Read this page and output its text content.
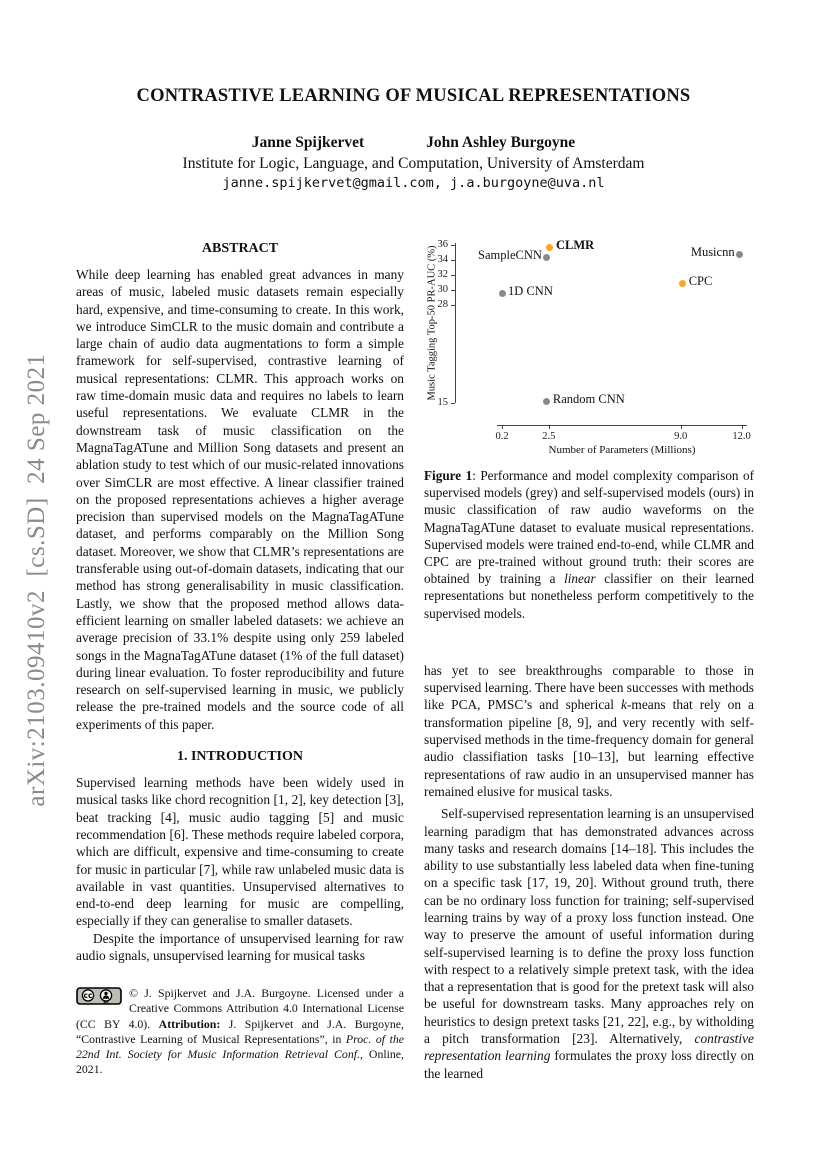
arXiv:2103.09410v2  [cs.SD]  24 Sep 2021
CONTRASTIVE LEARNING OF MUSICAL REPRESENTATIONS
Janne Spijkervet	John Ashley Burgoyne
Institute for Logic, Language, and Computation, University of Amsterdam
janne.spijkervet@gmail.com, j.a.burgoyne@uva.nl
ABSTRACT

While deep learning has enabled great advances in many areas of music, labeled music datasets remain especially hard, expensive, and time-consuming to create. In this work, we introduce SimCLR to the music domain and contribute a large chain of audio data augmentations to form a simple framework for self-supervised, contrastive learning of musical representations: CLMR. This approach works on raw time-domain music data and requires no labels to learn useful representations. We evaluate CLMR in the downstream task of music classification on the MagnaTagATune and Million Song datasets and present an ablation study to test which of our music-related innovations over SimCLR are most effective. A linear classifier trained on the proposed representations achieves a higher average precision than supervised models on the MagnaTagATune dataset, and performs comparably on the Million Song dataset. Moreover, we show that CLMR’s representations are transferable using out-of-domain datasets, indicating that our method has strong generalisability in music classification. Lastly, we show that the proposed method allows data-efficient learning on smaller labeled datasets: we achieve an average precision of 33.1% despite using only 259 labeled songs in the MagnaTagATune dataset (1% of the full dataset) during linear evaluation. To foster reproducibility and future research on self-supervised learning in music, we publicly release the pre-trained models and the source code of all experiments of this paper.

1. INTRODUCTION

Supervised learning methods have been widely used in musical tasks like chord recognition [1, 2], key detection [3], beat tracking [4], music audio tagging [5] and music recommendation [6]. These methods require labeled corpora, which are difficult, expensive and time-consuming to create for music in particular [7], while raw unlabeled music data is available in vast quantities. Unsupervised alternatives to end-to-end deep learning for music are compelling, especially if they can generalise to smaller datasets.

Despite the importance of unsupervised learning for raw audio signals, unsupervised learning for musical tasks

36
34
32
30
28
15
0.2	2.5	9.0	12.0
Number of Parameters (Millions)
Music Tagging Top-50 PR-AUC (%)
CLMR
SampleCNN
1D CNN
Musicnn
CPC
Random CNN

Figure 1: Performance and model complexity comparison of supervised models (grey) and self-supervised models (ours) in music classification of raw audio waveforms on the MagnaTagATune dataset to evaluate musical representations. Supervised models were trained end-to-end, while CLMR and CPC are pre-trained without ground truth: their scores are obtained by training a linear classifier on their learned representations but nonetheless perform competitively to the supervised models.

has yet to see breakthroughs comparable to those in supervised learning. There have been successes with methods like PCA, PMSC’s and spherical k-means that rely on a transformation pipeline [8, 9], and very recently with self-supervised methods in the time-frequency domain for general audio classifiation tasks [10–13], but learning effective representations of raw audio in an unsupervised manner has remained elusive for musical tasks.

Self-supervised representation learning is an unsupervised learning paradigm that has demonstrated advances across many tasks and research domains [14–18]. This includes the ability to use substantially less labeled data when fine-tuning on a specific task [17, 19, 20]. Without ground truth, there can be no ordinary loss function for training; self-supervised learning trains by way of a proxy loss function instead. One way to preserve the amount of useful information during self-supervised learning is to define the proxy loss function with respect to a relatively simple pretext task, with the idea that a representation that is good for the pretext task will also be useful for downstream tasks. Many approaches rely on heuristics to design pretext tasks [21, 22], e.g., by witholding a pitch transformation [23]. Alternatively, contrastive representation learning formulates the proxy loss directly on the learned

cc
BY
© J. Spijkervet and J.A. Burgoyne. Licensed under a Creative Commons Attribution 4.0 International License (CC BY 4.0). Attribution: J. Spijkervet and J.A. Burgoyne, “Contrastive Learning of Musical Representations”, in Proc. of the 22nd Int. Society for Music Information Retrieval Conf., Online, 2021.
